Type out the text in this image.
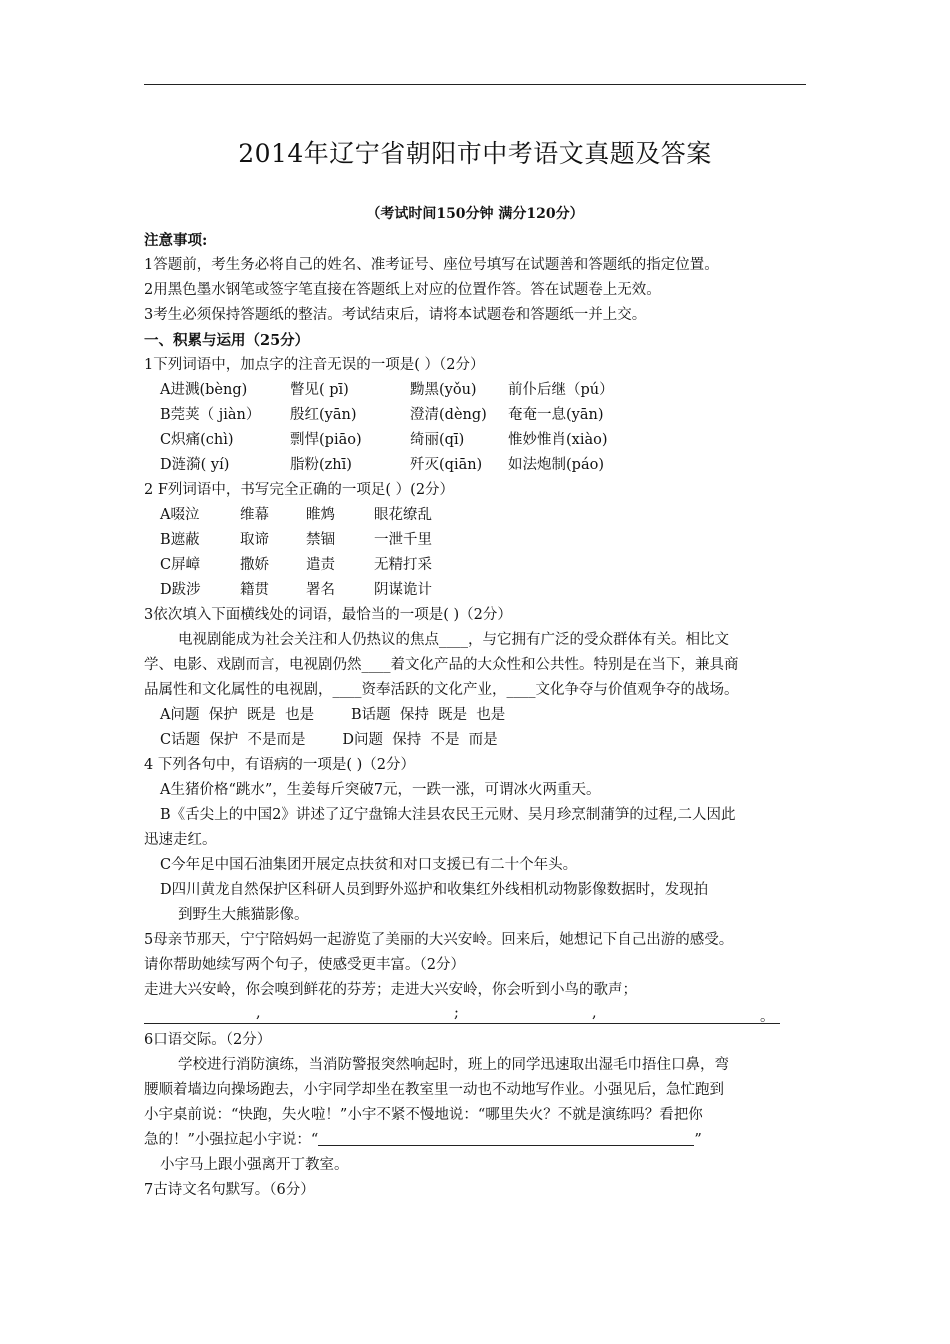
2014年辽宁省朝阳市中考语文真题及答案
（考试时间150分钟 满分120分）
注意事项:
1答题前，考生务必将自己的姓名、准考证号、座位号填写在试题善和答题纸的指定位置。
2用黑色墨水钢笔或签字笔直接在答题纸上对应的位置作答。答在试题卷上无效。
3考生必须保持答题纸的整洁。考试结束后，请将本试题卷和答题纸一并上交。
一、积累与运用（25分）
1下列词语中，加点字的注音无误的一项是( ）（2分）
A进溅(bèng)	瞥见( pī)	黝黑(yǒu) 前仆后继（pú）
B莞荚（ jiàn） 殷红(yān)	澄清(dèng) 奄奄一息(yān)
C炽痛(chì)	剽悍(piāo)	绮丽(qī)	惟妙惟肖(xiào)
D涟漪( yí)	脂粉(zhī)	歼灭(qiān) 如法炮制(páo)
2 F列词语中，书写完全正确的一项足( ）(2分）
A啜泣	维幕	睢鸩	眼花缭乱
B遮蔽	取谛	禁锢	一泄千里
C屏嶂	撒娇	遣责	无精打采
D跋涉	籍贯	署名	阴谋诡计
3依次填入下面横线处的词语，最恰当的一项是( )（2分）
电视剧能成为社会关注和人仍热议的焦点____，与它拥有广泛的受众群体有关。相比文
学、电影、戏剧而言，电视剧仍然____着文化产品的大众性和公共性。特别是在当下，兼具商
品属性和文化属性的电视剧，____资奉活跃的文化产业，____文化争夺与价值观争夺的战场。
A问题  保护  既是  也是        B话题  保持  既是  也是
C话题  保护  不是而是        D问题  保持  不是  而是
4 下列各句中，有语病的一项是( )（2分）
A生猪价格“跳水”，生姜每斤突破7元，一跌一涨，可谓冰火两重天。
B《舌尖上的中国2》讲述了辽宁盘锦大洼县农民王元财、吴月珍烹制蒲笋的过程,二人因此
迅速走红。
C今年足中国石油集团开展定点扶贫和对口支援已有二十个年头。
D四川黄龙自然保护区科研人员到野外巡护和收集红外线相机动物影像数据时，发现拍
到野生大熊猫影像。
5母亲节那天，宁宁陪妈妈一起游览了美丽的大兴安岭。回来后，她想记下自己出游的感受。
请你帮助她续写两个句子，使感受更丰富。（2分）
走进大兴安岭，你会嗅到鲜花的芬芳；走进大兴安岭，你会听到小鸟的歌声；
,	;	,	。
6口语交际。（2分）
学校进行消防演练，当消防警报突然响起时，班上的同学迅速取出湿毛巾捂住口鼻，弯
腰顺着墙边向操场跑去，小宇同学却坐在教室里一动也不动地写作业。小强见后，急忙跑到
小宇桌前说：“快跑，失火啦！”小宇不紧不慢地说：“哪里失火？不就是演练吗？看把你
急的！”小强拉起小宇说：“	”
小宇马上跟小强离开丁教室。
7古诗文名句默写。（6分）
